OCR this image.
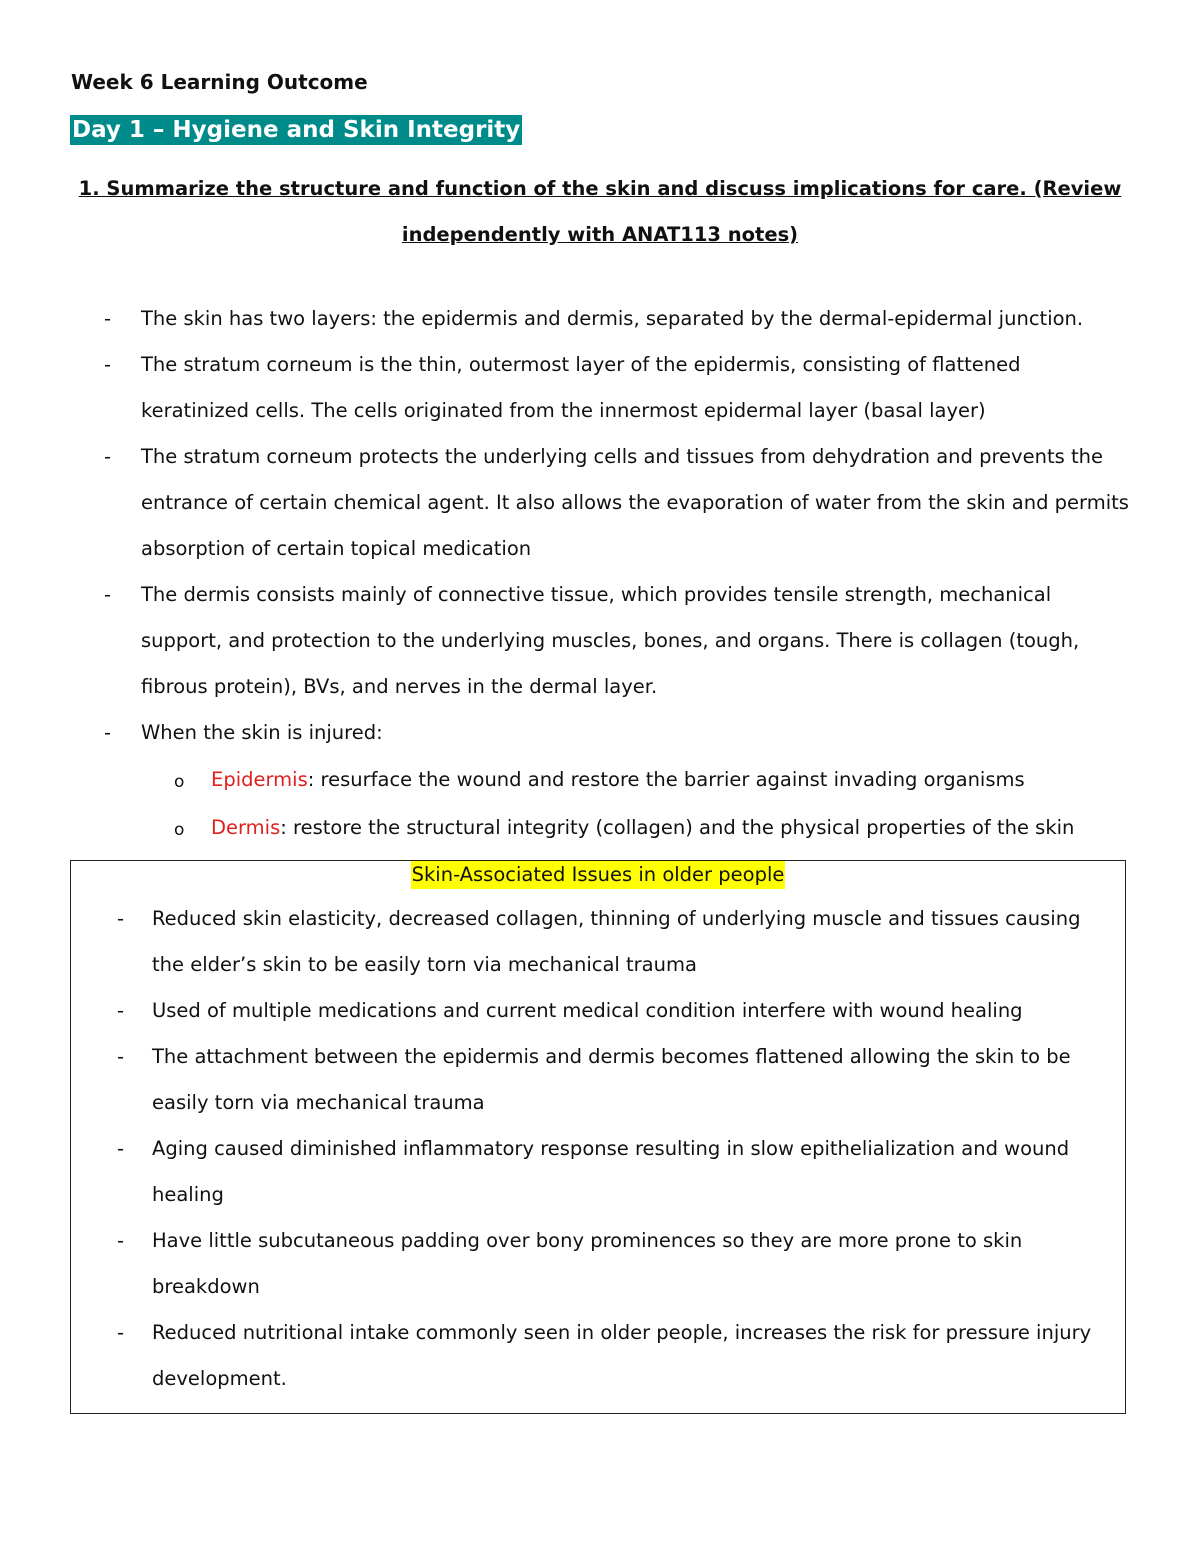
Week 6 Learning Outcome
Day 1 – Hygiene and Skin Integrity
1. Summarize the structure and function of the skin and discuss implications for care. (Review independently with ANAT113 notes)
- The skin has two layers: the epidermis and dermis, separated by the dermal-epidermal junction.
- The stratum corneum is the thin, outermost layer of the epidermis, consisting of flattened keratinized cells. The cells originated from the innermost epidermal layer (basal layer)
- The stratum corneum protects the underlying cells and tissues from dehydration and prevents the entrance of certain chemical agent. It also allows the evaporation of water from the skin and permits absorption of certain topical medication
- The dermis consists mainly of connective tissue, which provides tensile strength, mechanical support, and protection to the underlying muscles, bones, and organs. There is collagen (tough, fibrous protein), BVs, and nerves in the dermal layer.
- When the skin is injured:
o Epidermis: resurface the wound and restore the barrier against invading organisms
o Dermis: restore the structural integrity (collagen) and the physical properties of the skin
Skin-Associated Issues in older people
- Reduced skin elasticity, decreased collagen, thinning of underlying muscle and tissues causing the elder’s skin to be easily torn via mechanical trauma
- Used of multiple medications and current medical condition interfere with wound healing
- The attachment between the epidermis and dermis becomes flattened allowing the skin to be easily torn via mechanical trauma
- Aging caused diminished inflammatory response resulting in slow epithelialization and wound healing
- Have little subcutaneous padding over bony prominences so they are more prone to skin breakdown
- Reduced nutritional intake commonly seen in older people, increases the risk for pressure injury development.
